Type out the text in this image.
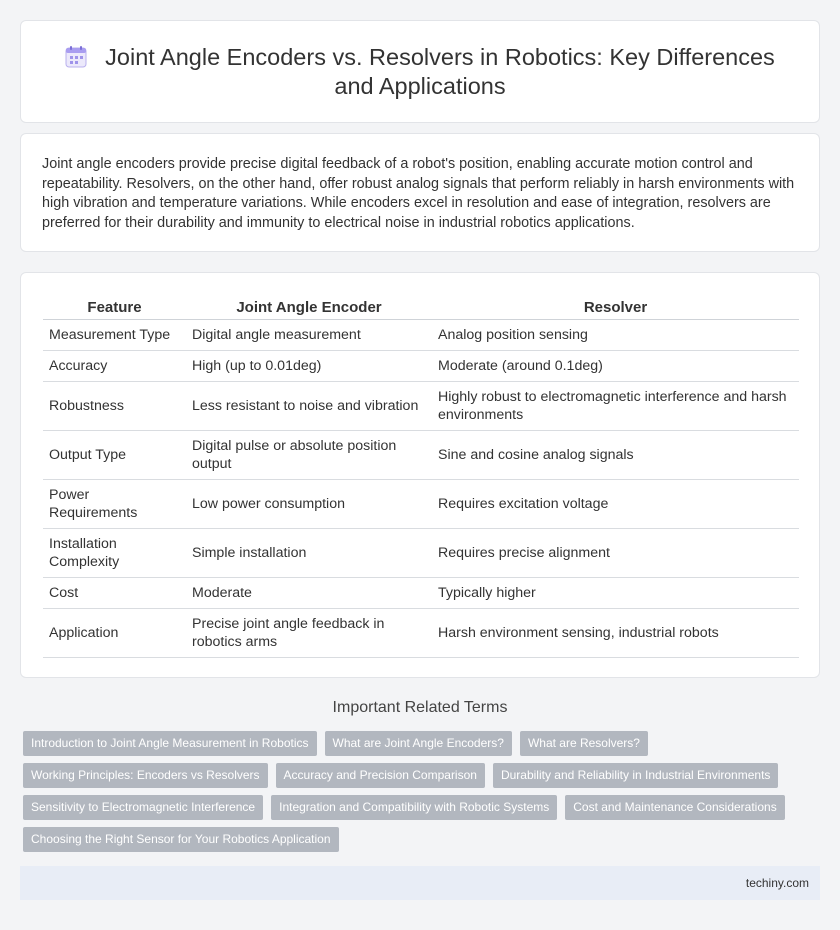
Joint Angle Encoders vs. Resolvers in Robotics: Key Differences and Applications

Joint angle encoders provide precise digital feedback of a robot's position, enabling accurate motion control and repeatability. Resolvers, on the other hand, offer robust analog signals that perform reliably in harsh environments with high vibration and temperature variations. While encoders excel in resolution and ease of integration, resolvers are preferred for their durability and immunity to electrical noise in industrial robotics applications.

Feature	Joint Angle Encoder	Resolver
Measurement Type	Digital angle measurement	Analog position sensing
Accuracy	High (up to 0.01deg)	Moderate (around 0.1deg)
Robustness	Less resistant to noise and vibration	Highly robust to electromagnetic interference and harsh environments
Output Type	Digital pulse or absolute position output	Sine and cosine analog signals
Power Requirements	Low power consumption	Requires excitation voltage
Installation Complexity	Simple installation	Requires precise alignment
Cost	Moderate	Typically higher
Application	Precise joint angle feedback in robotics arms	Harsh environment sensing, industrial robots
Important Related Terms
Introduction to Joint Angle Measurement in Robotics	What are Joint Angle Encoders?	What are Resolvers?
Working Principles: Encoders vs Resolvers	Accuracy and Precision Comparison	Durability and Reliability in Industrial Environments
Sensitivity to Electromagnetic Interference	Integration and Compatibility with Robotic Systems	Cost and Maintenance Considerations
Choosing the Right Sensor for Your Robotics Application
techiny.com
